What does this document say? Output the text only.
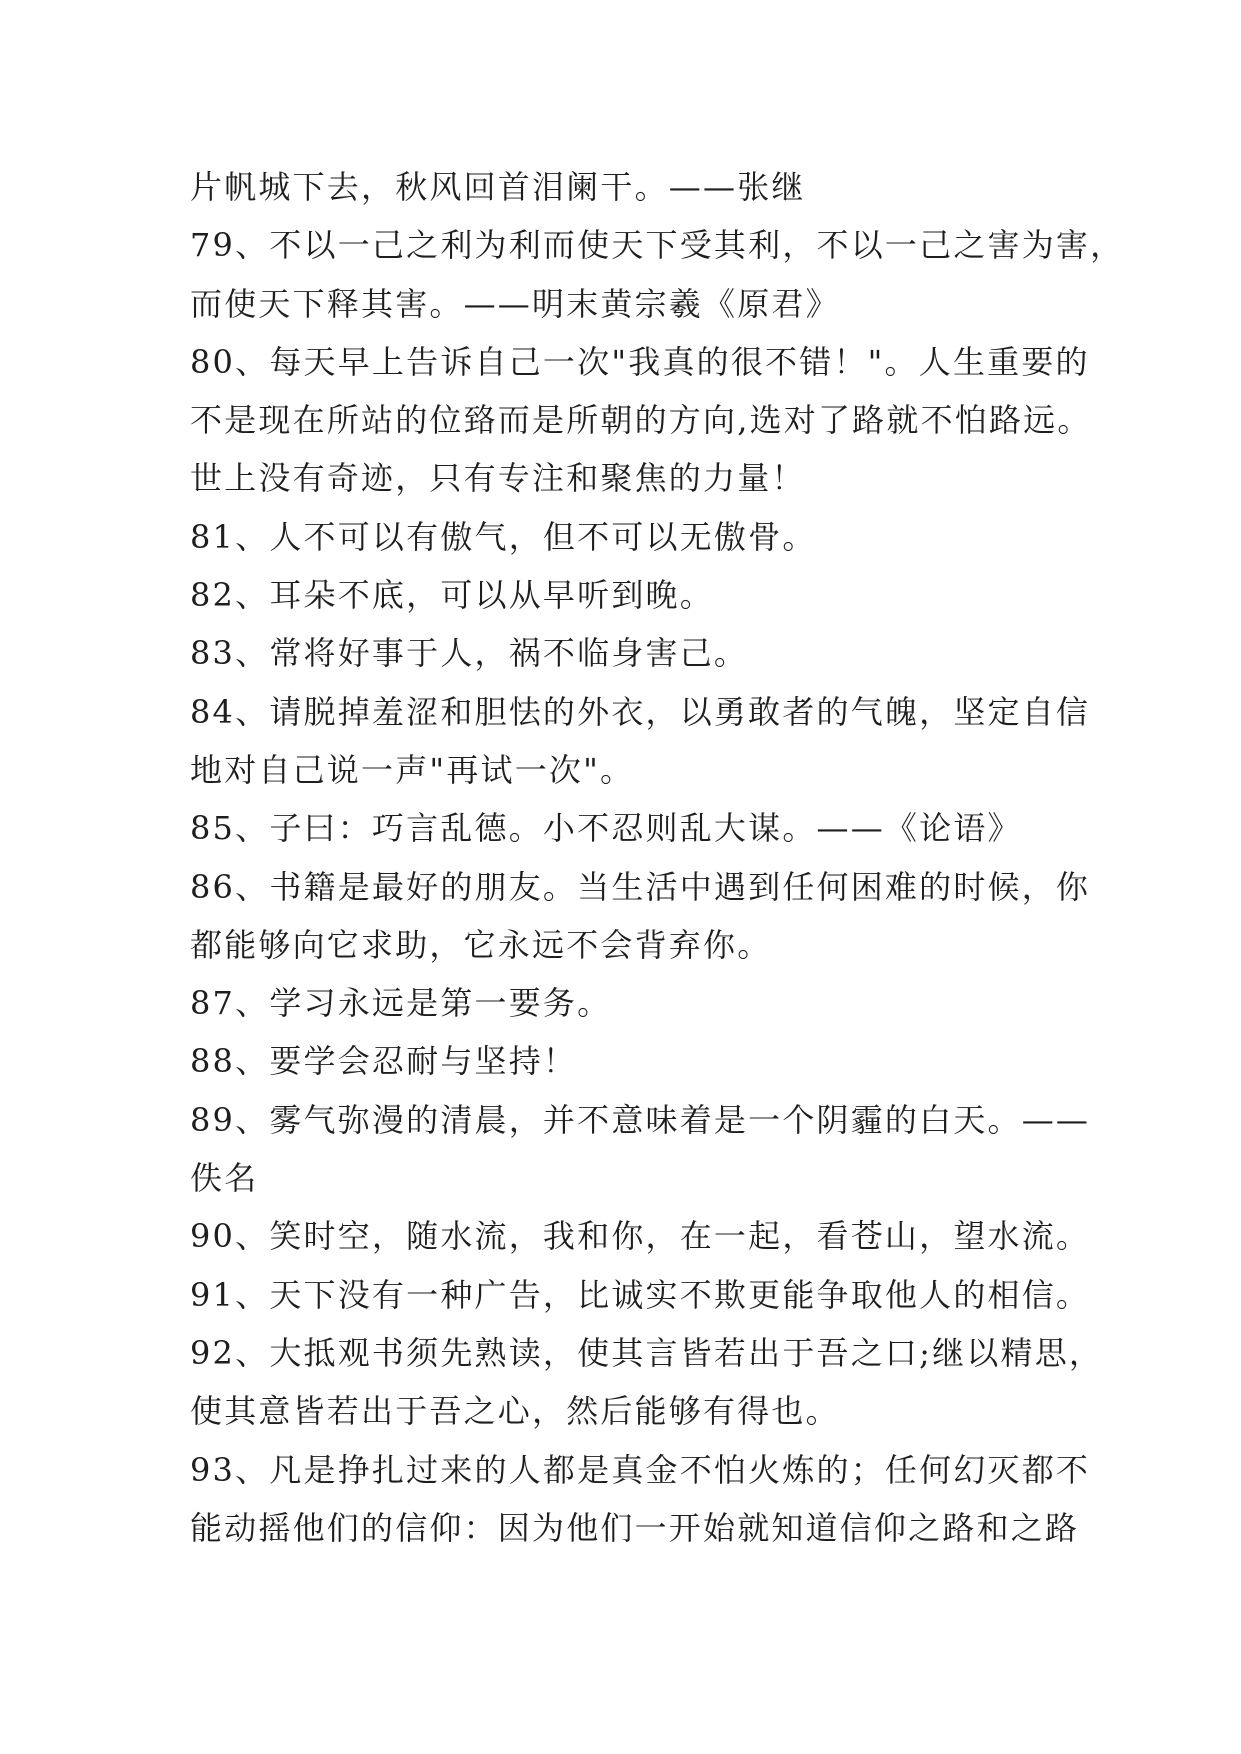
片帆城下去，秋风回首泪阑干。——张继
79、不以一己之利为利而使天下受其利，不以一己之害为害，
而使天下释其害。——明末黄宗羲《原君》
80、每天早上告诉自己一次"我真的很不错！"。人生重要的
不是现在所站的位臵而是所朝的方向,选对了路就不怕路远。
世上没有奇迹，只有专注和聚焦的力量！
81、人不可以有傲气，但不可以无傲骨。
82、耳朵不底，可以从早听到晚。
83、常将好事于人，祸不临身害己。
84、请脱掉羞涩和胆怯的外衣，以勇敢者的气魄，坚定自信
地对自己说一声"再试一次"。
85、子曰：巧言乱德。小不忍则乱大谋。——《论语》
86、书籍是最好的朋友。当生活中遇到任何困难的时候，你
都能够向它求助，它永远不会背弃你。
87、学习永远是第一要务。
88、要学会忍耐与坚持！
89、雾气弥漫的清晨，并不意味着是一个阴霾的白天。——
佚名
90、笑时空，随水流，我和你，在一起，看苍山，望水流。
91、天下没有一种广告，比诚实不欺更能争取他人的相信。
92、大抵观书须先熟读，使其言皆若出于吾之口;继以精思，
使其意皆若出于吾之心，然后能够有得也。
93、凡是挣扎过来的人都是真金不怕火炼的；任何幻灭都不
能动摇他们的信仰：因为他们一开始就知道信仰之路和之路
